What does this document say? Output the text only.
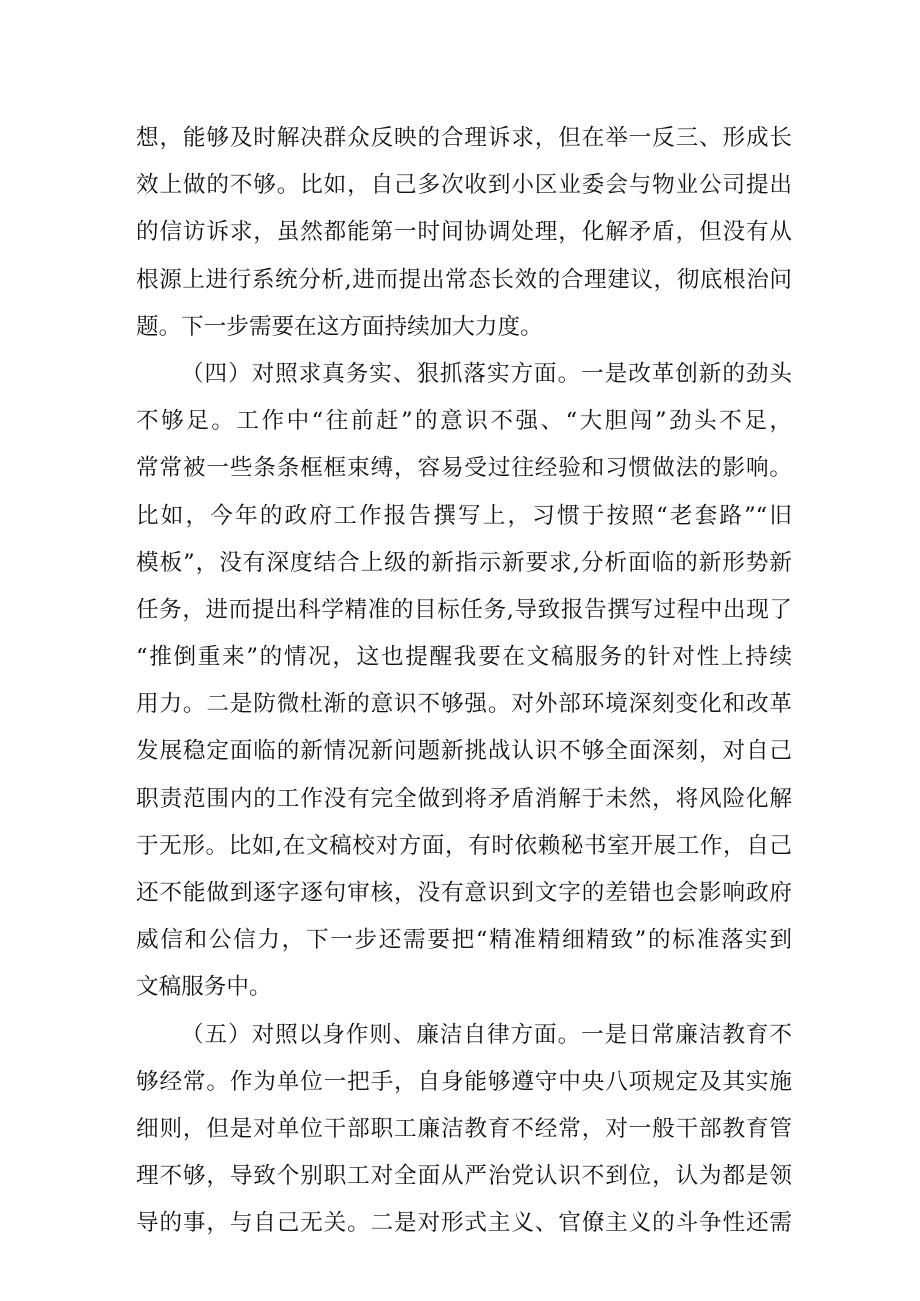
想，能够及时解决群众反映的合理诉求，但在举一反三、形成长
效上做的不够。比如，自己多次收到小区业委会与物业公司提出
的信访诉求，虽然都能第一时间协调处理，化解矛盾，但没有从
根源上进行系统分析,进而提出常态长效的合理建议，彻底根治问
题。下一步需要在这方面持续加大力度。
（四）对照求真务实、狠抓落实方面。一是改革创新的劲头
不够足。工作中“往前赶”的意识不强、“大胆闯”劲头不足，
常常被一些条条框框束缚，容易受过往经验和习惯做法的影响。
比如，今年的政府工作报告撰写上，习惯于按照“老套路”“旧
模板”，没有深度结合上级的新指示新要求,分析面临的新形势新
任务，进而提出科学精准的目标任务,导致报告撰写过程中出现了
“推倒重来”的情况，这也提醒我要在文稿服务的针对性上持续
用力。二是防微杜渐的意识不够强。对外部环境深刻变化和改革
发展稳定面临的新情况新问题新挑战认识不够全面深刻，对自己
职责范围内的工作没有完全做到将矛盾消解于未然，将风险化解
于无形。比如,在文稿校对方面，有时依赖秘书室开展工作，自己
还不能做到逐字逐句审核，没有意识到文字的差错也会影响政府
威信和公信力，下一步还需要把“精准精细精致”的标准落实到
文稿服务中。
（五）对照以身作则、廉洁自律方面。一是日常廉洁教育不
够经常。作为单位一把手，自身能够遵守中央八项规定及其实施
细则，但是对单位干部职工廉洁教育不经常，对一般干部教育管
理不够，导致个别职工对全面从严治党认识不到位，认为都是领
导的事，与自己无关。二是对形式主义、官僚主义的斗争性还需
